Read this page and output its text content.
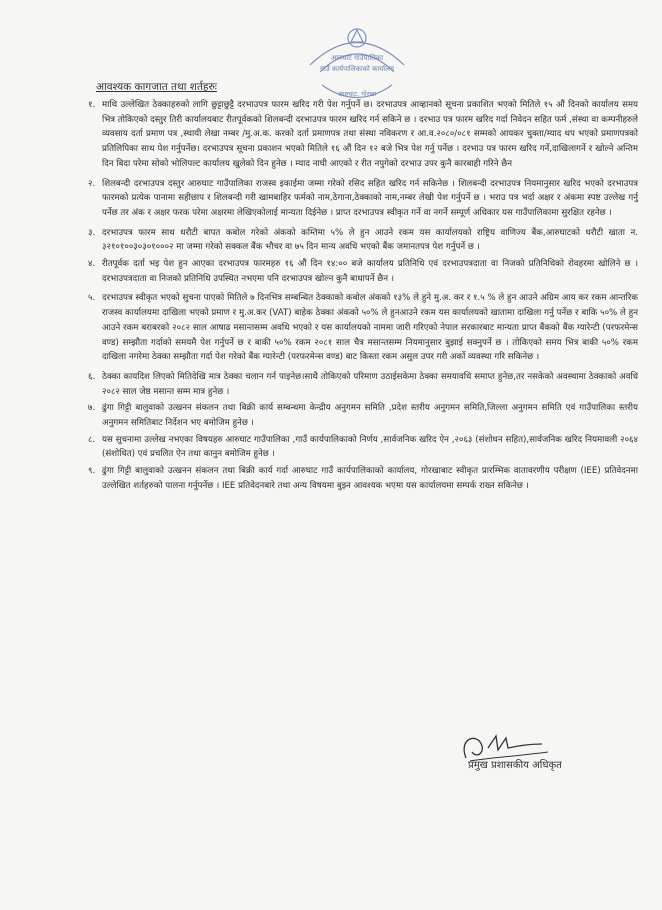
आरुघाट गाउँपालिका
गाउँ कार्यपालिकाको कार्यालय
आरुघाट, गोरखा
आवश्यक कागजात तथा शर्तहरुः
१. माथि उल्लेखित ठेक्काहरुको लागि छुट्टाछुट्टै दरभाउपत्र फारम खरिद गरी पेश गर्नुपर्ने छ। दरभाउपत्र आव्हानको सूचना प्रकाशित भएको मितिले १५ औं दिनको कार्यालय समय भित्र तोकिएको दस्तुर तिरी कार्यालयबाट रीतपूर्वकको शिलबन्दी दरभाउपत्र फारम खरिद गर्न सकिने छ । दरभाउ पत्र फारम खरिद गर्दा निवेदन सहित फर्म ,संस्था वा कम्पनीहरुले व्यवसाय दर्ता प्रमाण पत्र ,स्थायी लेखा नम्बर /मु.अ.क. करको दर्ता प्रमाणपत्र तथा संस्था नविकरण र आ.व.२०८०/०८१ सम्मको आयकर चुक्ता/म्याद थप भएको प्रमाणपत्रको प्रतिलिपिका साथ पेश गर्नुपर्नेछ। दरभाउपत्र सूचना प्रकाशन भएको मितिले १६ औं दिन १२ बजे भित्र पेश गर्नु पर्नेछ । दरभाउ पत्र फारम खरिद गर्ने,दाखिलागर्ने र खोल्ने अन्तिम दिन बिदा परेमा सोको भोलिपल्ट कार्यालय खुलेको दिन हुनेछ । म्याद नाघी आएको र रीत नपुगेको दरभाउ उपर कुनै कारबाही गरिने छैन
२. शिलबन्दी दरभाउपत्र दस्तुर आरुघाट गाउँपालिका राजस्व इकाईमा जम्मा गरेको रसिद सहित खरिद गर्न सकिनेछ । शिलबन्दी दरभाउपत्र नियमानुसार खरिद भएको दरभाउपत्र फारमको प्रत्येक पानामा सहीछाप र शिलबन्दी गरी खामबाहिर फर्मको नाम,ठेगाना,ठेक्काको नाम,नम्बर लेखी पेश गर्नुपर्ने छ । भराउ पत्र भर्दा अक्षर र अंकमा स्पष्ट उल्लेख गर्नु पर्नेछ तर अंक र अक्षर फरक परेमा अक्षरमा लेखिएकोलाई मान्यता दिईनेछ । प्राप्त दरभाउपत्र स्वीकृत गर्ने वा नगर्ने सम्पूर्ण अधिकार यस गाउँपालिकामा सुरक्षित रहनेछ ।
३. दरभाउपत्र फारम साथ धरौटी बापत कबोल गरेको अंकको कम्तिमा ५% ले हुन आउने रकम यस कार्यालयको राष्ट्रिय वाणिज्य बैंक,आरुघाटको धरौटी खाता न. ३२१०१००३०३०१०००२ मा जम्मा गरेको सक्कल बैंक भौचर वा ७५ दिन मान्य अवधि भएको बैंक जमानतपत्र पेश गर्नुपर्ने छ ।
४. रीतपूर्वक दर्ता भइ पेश हुन आएका दरभाउपत्र फारमहरु १६ औं दिन १४:०० बजे कार्यालय प्रतिनिधि एवं दरभाउपत्रदाता वा निजको प्रतिनिधिको रोवहरमा खोलिने छ । दरभाउपत्रदाता वा निजको प्रतिनिधि उपस्थित नभएमा पनि दरभाउपत्र खोल्न कुनै बाधापर्ने छैन ।
५. दरभाउपत्र स्वीकृत भएको सुचना पाएको मितिले ७ दिनभित्र सम्बन्धित ठेक्काको कबोल अंकको १३% ले हुने मु.अ. कर र १.५ % ले हुन आउने अग्रिम आय कर रकम आन्तरिक राजस्व कार्यालयमा दाखिला भएको प्रमाण र मु.अ.कर (VAT) बाहेक ठेक्का अंकको ५०% ले हुनआउने रकम यस कार्यालयको खातामा दाखिला गर्नु पर्नेछ र बाकि ५०% ले हुन आउने रकम बराबरको २०८२ साल आषाढ मसान्तसम्म अवधि भएको र यस कार्यालयको नाममा जारी गरिएको नेपाल सरकारबाट मान्यता प्राप्त बैंकको बैंक ग्यारेन्टी (परफरमेन्स वण्ड) सम्झौता गर्दाको समयमै पेश गर्नुपर्ने छ र बाकी ५०% रकम २०८१ साल चैत्र मसान्तसम्म नियमानुसार बुझाई सक्नुपर्ने छ । तोकिएको समय भित्र बाकी ५०% रकम दाखिला नगरेमा ठेक्का सम्झौता गर्दा पेश गरेको बैंक ग्यारेन्टी (परफरमेन्स वण्ड) बाट किस्ता रकम असुल उपर गरी अर्को व्यवस्था गरि सकिनेछ ।
६. ठेक्का कायदिश लिएको मितिदेखि मात्र ठेक्का चलान गर्न पाइनेछ।साथै तोकिएको परिमाण उठाईसकेमा ठेक्का समयावधि समाप्त हुनेछ,तर नसकेको अवस्थामा ठेक्काको अवधि २०८२ साल जेष्ठ मसान्त सम्म मात्र हुनेछ ।
७. ढुंगा गिट्टी बालुवाको उत्खनन संकलन तथा बिक्री कार्य सम्बन्धमा केन्द्रीय अनुगमन समिति ,प्रदेश स्तरीय अनुगमन समिति,जिल्ला अनुगमन समिति एवं गाउँपालिका स्तरीय अनुगमन समितिबाट निर्देशन भए बमोजिम हुनेछ ।
८. यस सुचनामा उल्लेख नभएका विषयहरु आरुघाट गाउँपालिका ,गाउँ कार्यपालिकाको निर्णय ,सार्वजनिक खरिद ऐन ,२०६३ (संशोधन सहित),सार्वजनिक खरिद नियमावली २०६४ (संशोधित) एवं प्रचलित ऐन तथा कानुन बमोजिम हुनेछ ।
९. ढुंगा गिट्टी बालुवाको उत्खनन संकलन तथा बिक्री कार्य गर्दा आरुघाट गाउँ कार्यपालिकाको कार्यालय, गोरखाबाट स्वीकृत प्रारम्भिक वातावरणीय परीक्षण (IEE) प्रतिवेदनमा उल्लेखित शर्तहरुको पालना गर्नुपर्नेछ । IEE प्रतिवेदनबारे तथा अन्य विषयमा बुझ्न आवश्यक भएमा यस कार्यालयमा सम्पर्क राख्न सकिनेछ ।
प्रमुख प्रशासकीय अधिकृत
